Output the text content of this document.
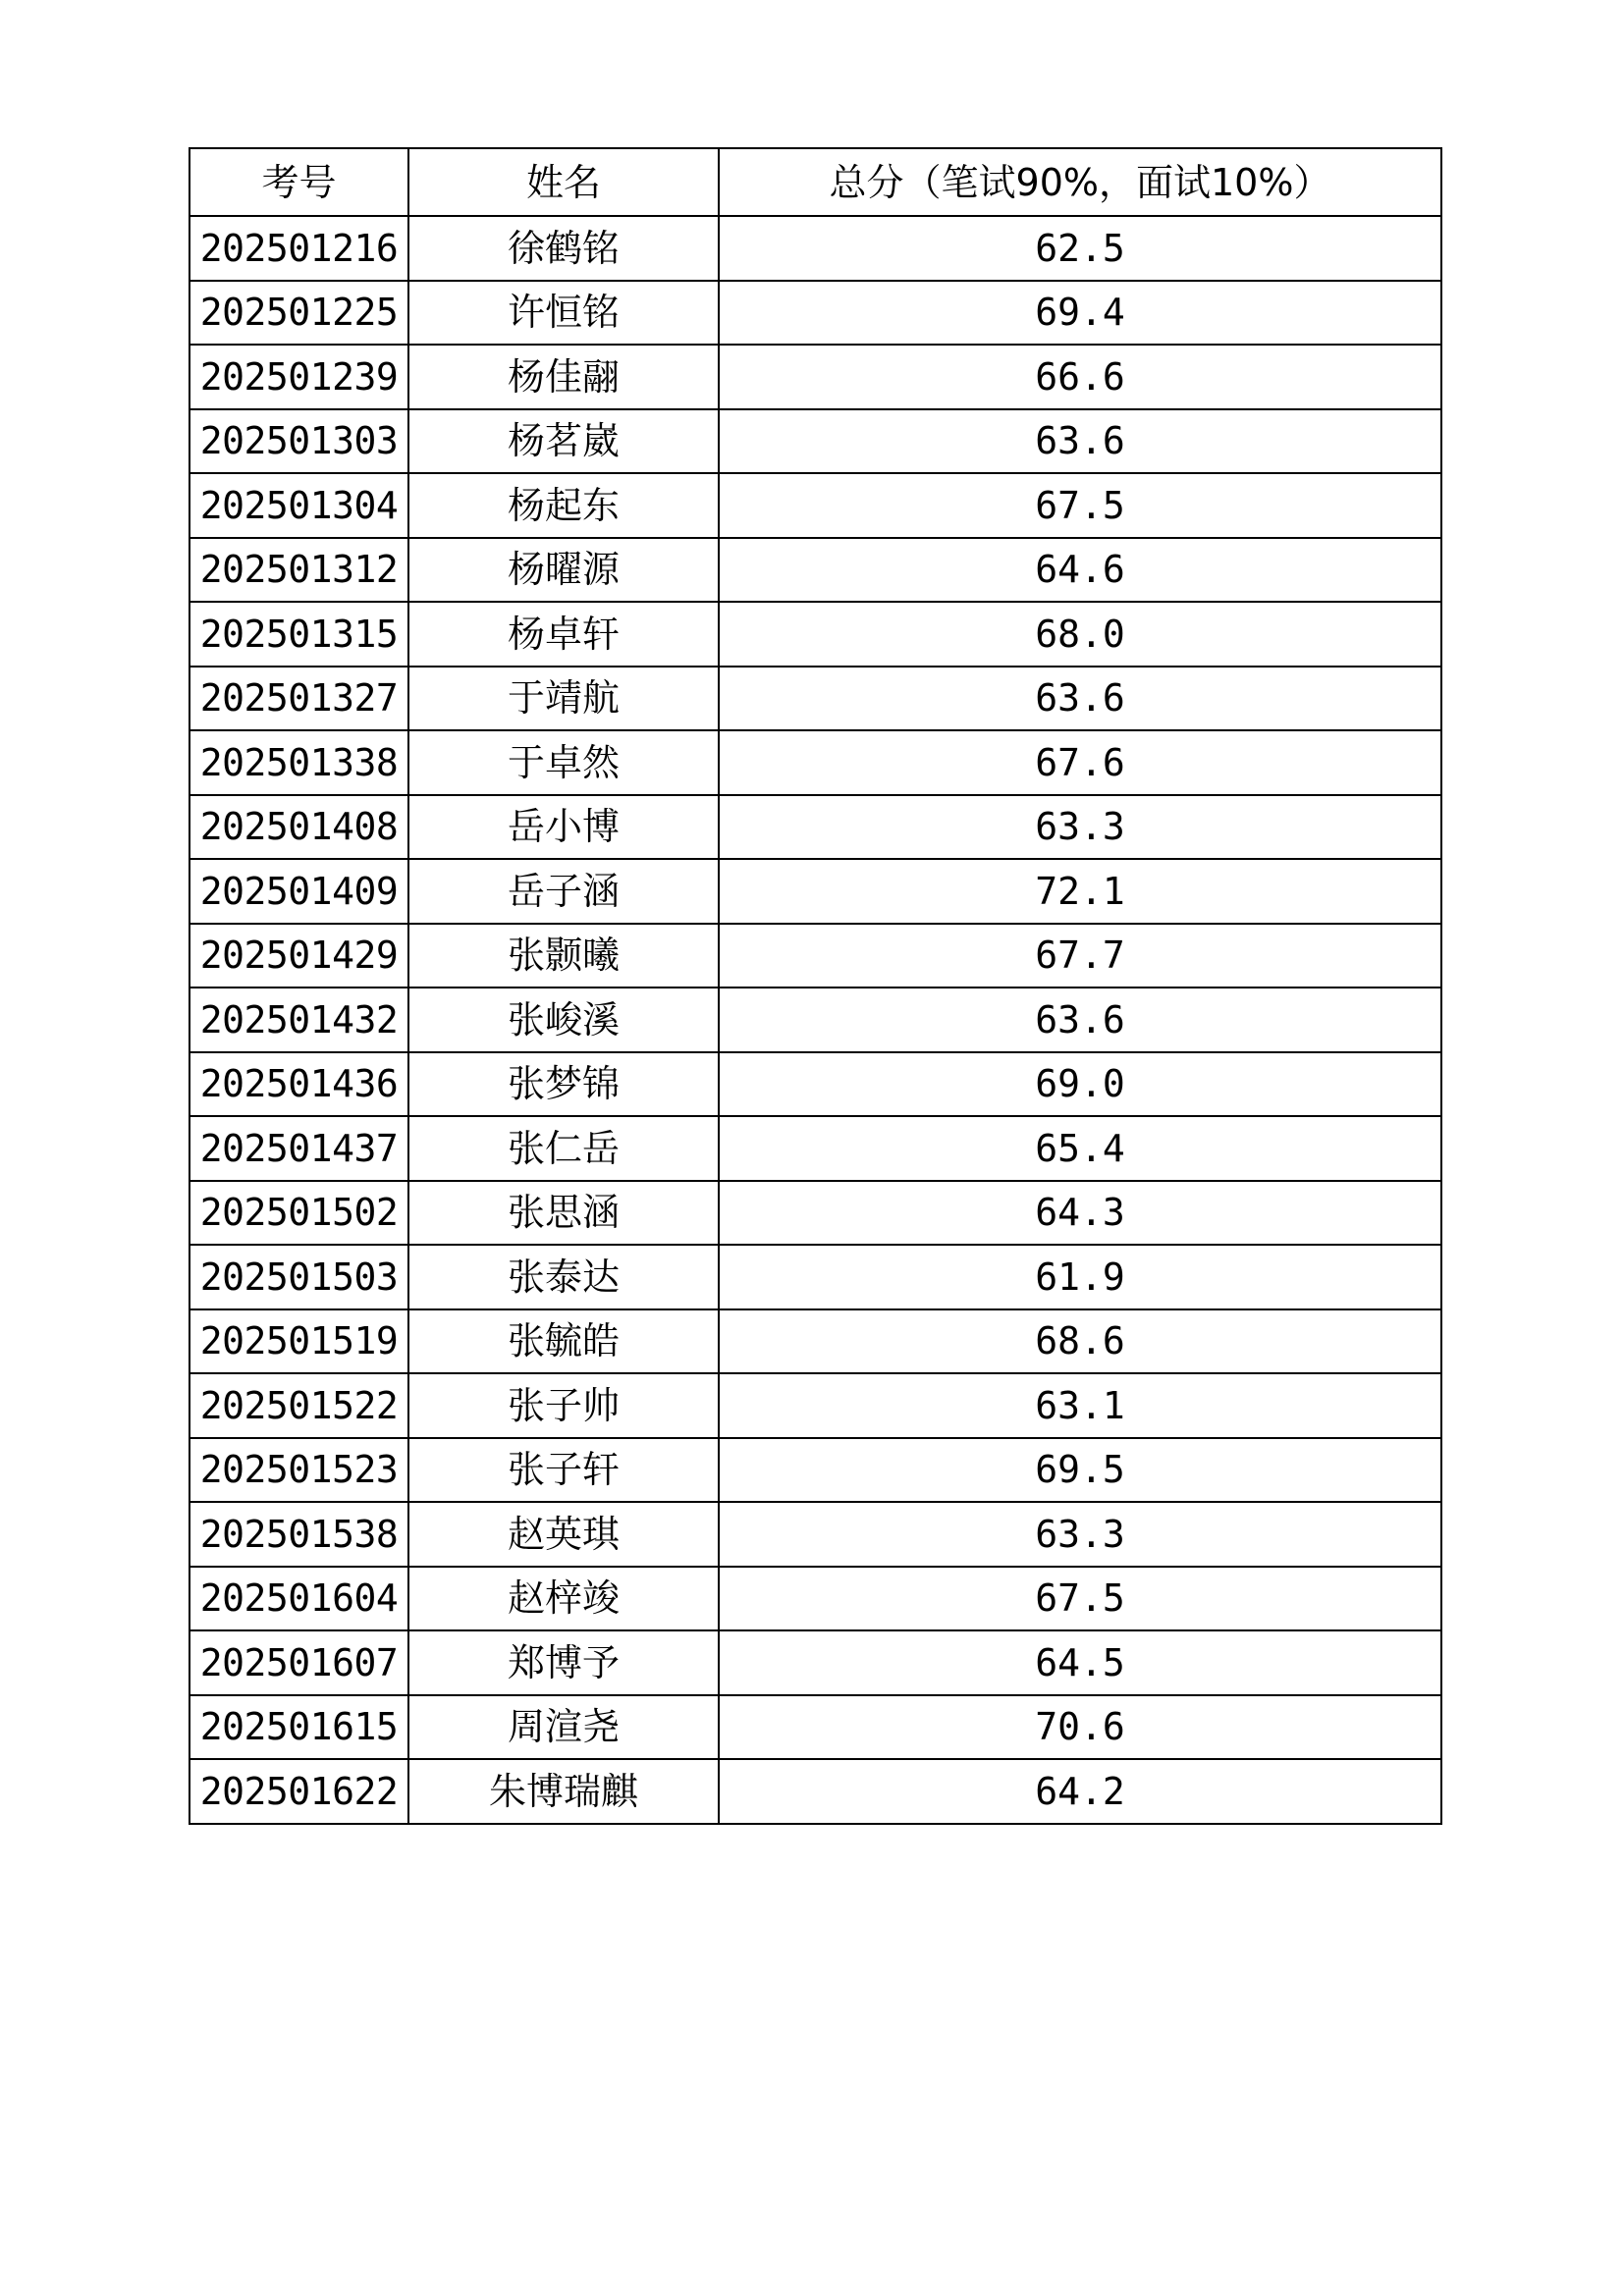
考号	姓名	总分（笔试90%，面试10%）
202501216	徐鹤铭	62.5
202501225	许恒铭	69.4
202501239	杨佳翮	66.6
202501303	杨茗崴	63.6
202501304	杨起东	67.5
202501312	杨曜源	64.6
202501315	杨卓轩	68.0
202501327	于靖航	63.6
202501338	于卓然	67.6
202501408	岳小博	63.3
202501409	岳子涵	72.1
202501429	张颢曦	67.7
202501432	张峻溪	63.6
202501436	张梦锦	69.0
202501437	张仁岳	65.4
202501502	张思涵	64.3
202501503	张泰达	61.9
202501519	张毓皓	68.6
202501522	张子帅	63.1
202501523	张子轩	69.5
202501538	赵英琪	63.3
202501604	赵梓竣	67.5
202501607	郑博予	64.5
202501615	周渲尧	70.6
202501622	朱博瑞麒	64.2
